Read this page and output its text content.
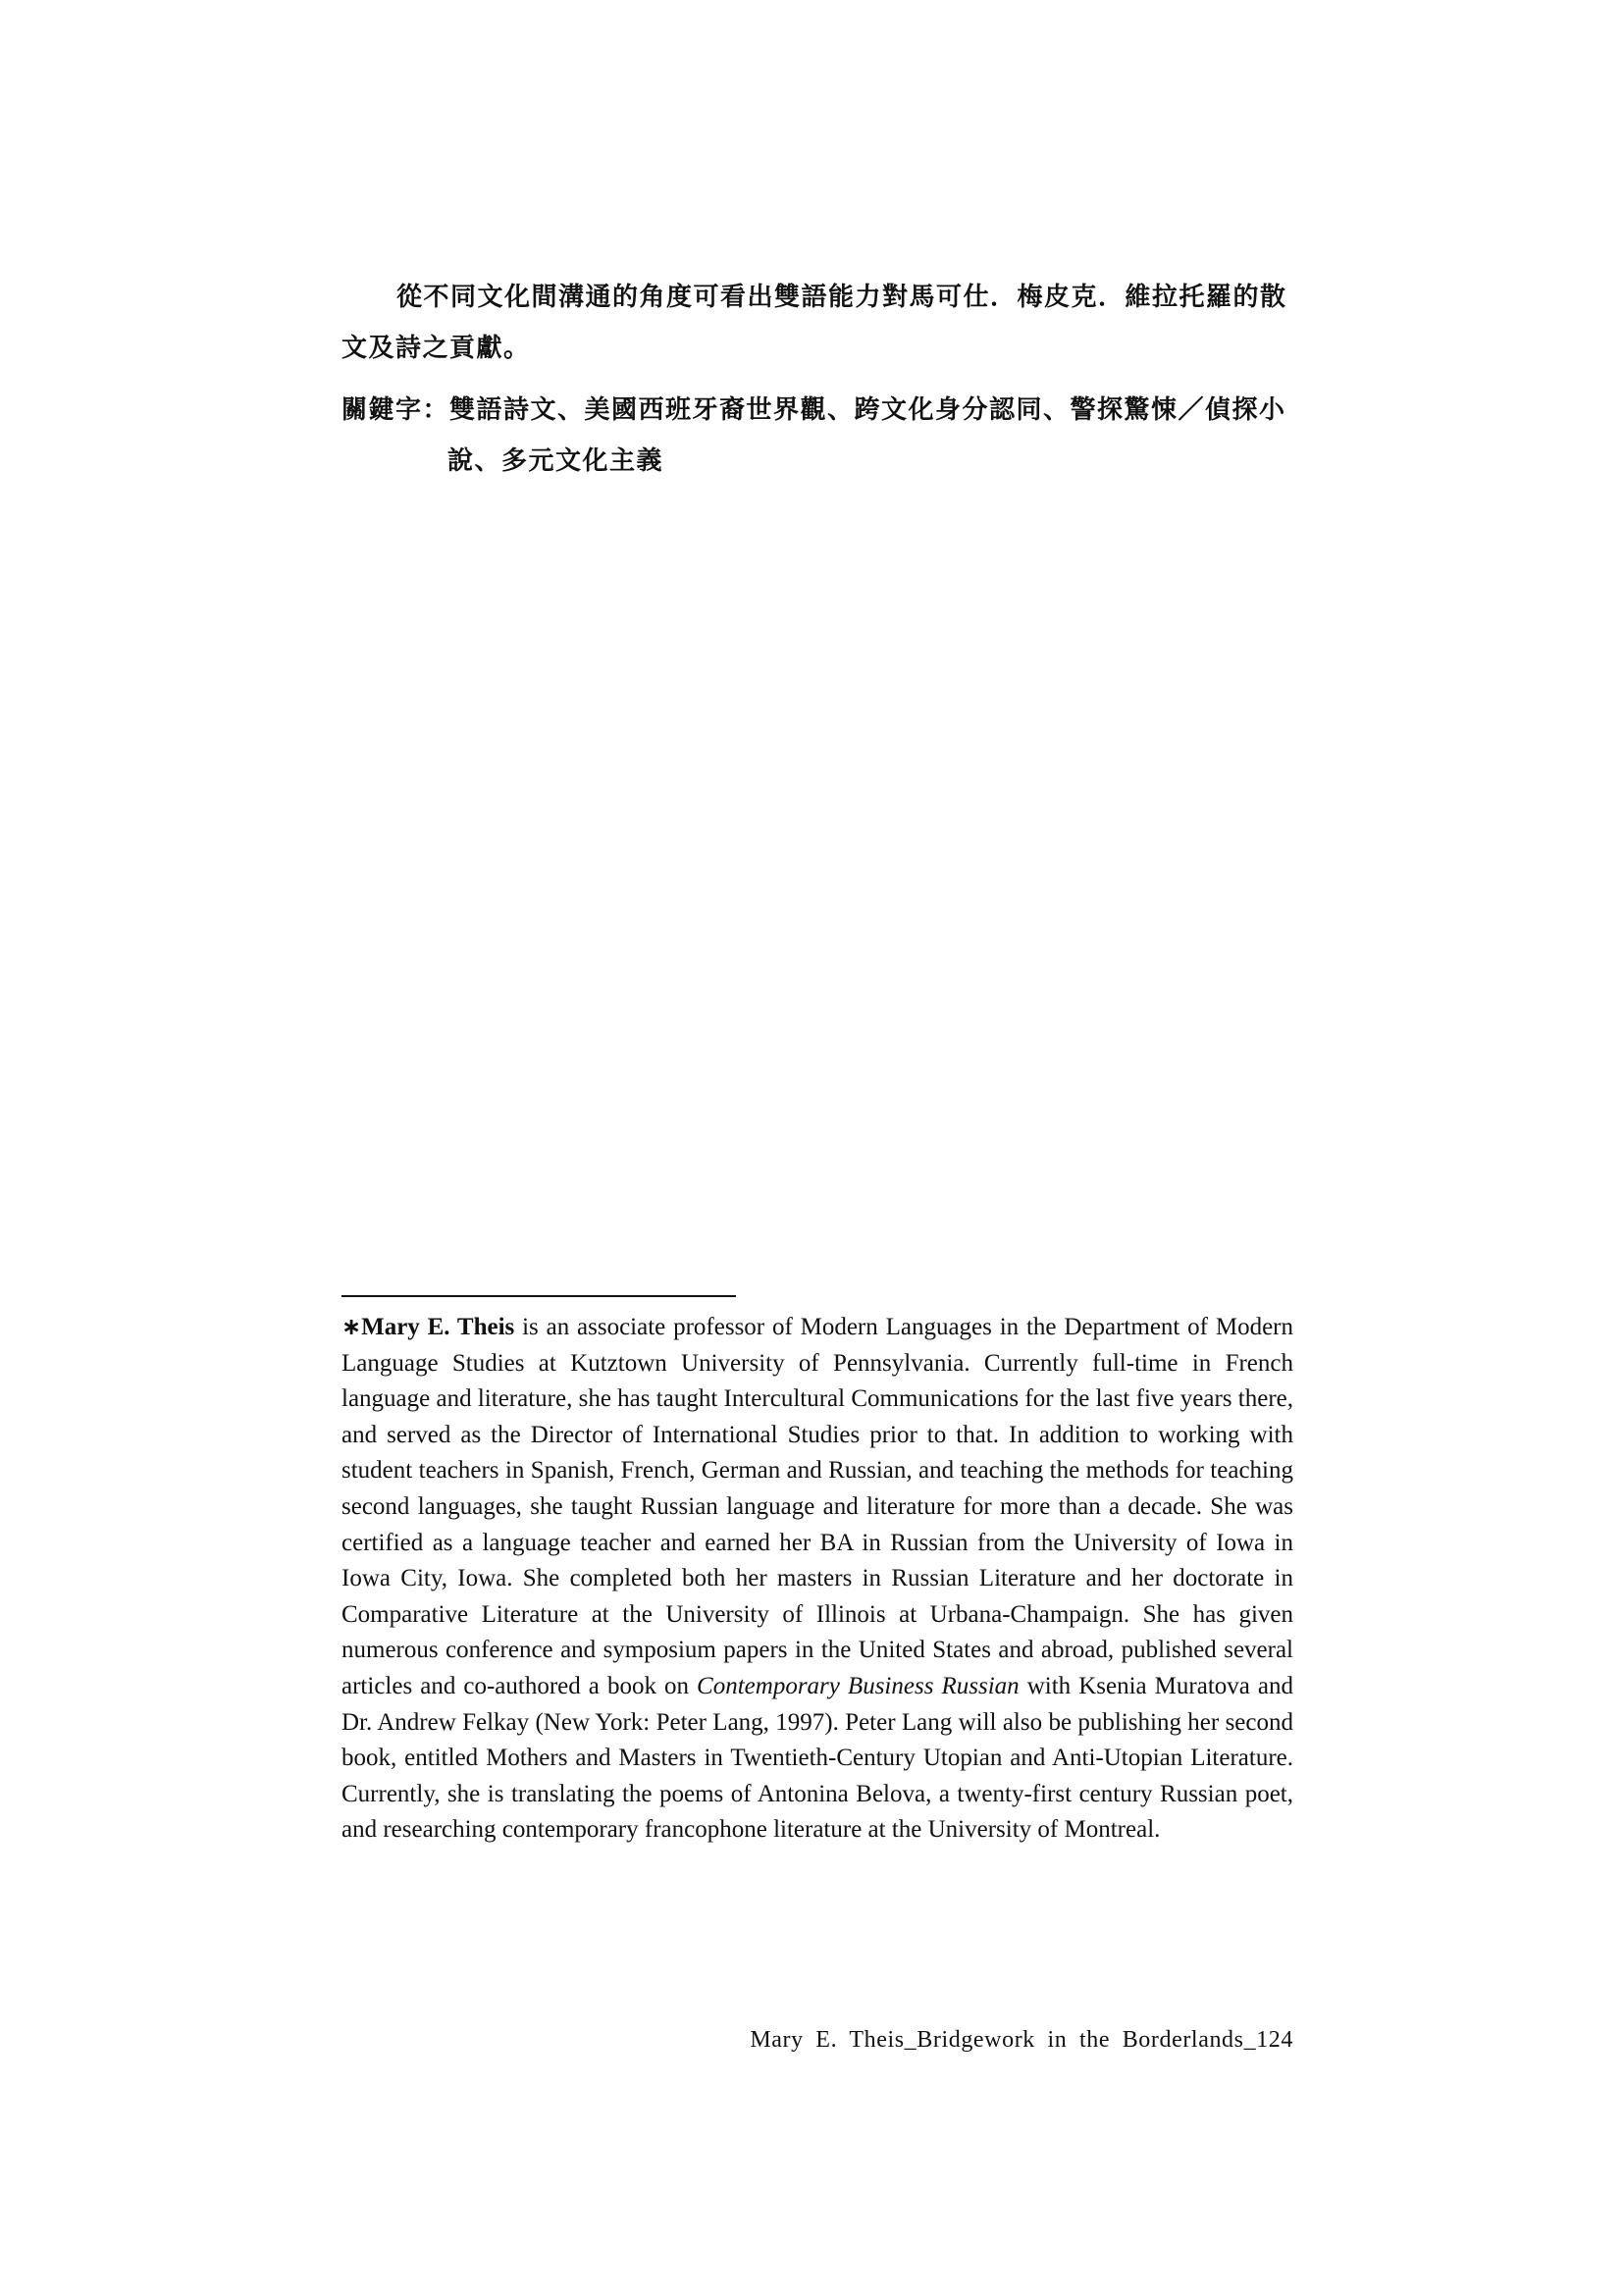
從不同文化間溝通的角度可看出雙語能力對馬可仕．梅皮克．維拉托羅的散文及詩之貢獻。

關鍵字：雙語詩文、美國西班牙裔世界觀、跨文化身分認同、警探驚悚／偵探小說、多元文化主義

∗Mary E. Theis is an associate professor of Modern Languages in the Department of Modern Language Studies at Kutztown University of Pennsylvania. Currently full-time in French language and literature, she has taught Intercultural Communications for the last five years there, and served as the Director of International Studies prior to that. In addition to working with student teachers in Spanish, French, German and Russian, and teaching the methods for teaching second languages, she taught Russian language and literature for more than a decade. She was certified as a language teacher and earned her BA in Russian from the University of Iowa in Iowa City, Iowa. She completed both her masters in Russian Literature and her doctorate in Comparative Literature at the University of Illinois at Urbana-Champaign. She has given numerous conference and symposium papers in the United States and abroad, published several articles and co-authored a book on Contemporary Business Russian with Ksenia Muratova and Dr. Andrew Felkay (New York: Peter Lang, 1997). Peter Lang will also be publishing her second book, entitled Mothers and Masters in Twentieth-Century Utopian and Anti-Utopian Literature. Currently, she is translating the poems of Antonina Belova, a twenty-first century Russian poet, and researching contemporary francophone literature at the University of Montreal.

Mary E. Theis_Bridgework in the Borderlands_124
